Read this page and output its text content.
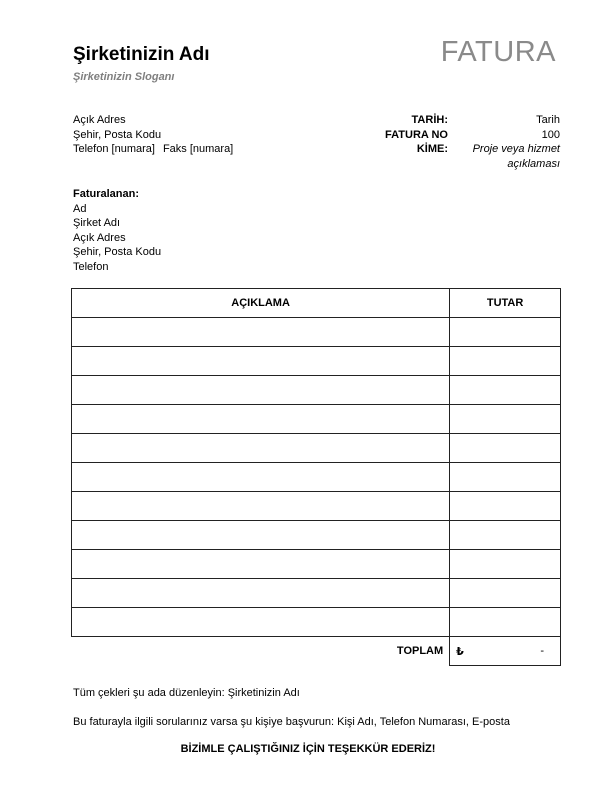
Şirketinizin Adı
Şirketinizin Sloganı
FATURA
Açık Adres
Şehir, Posta Kodu
Telefon [numara] Faks [numara]
TARİH:	Tarih
FATURA NO	100
KİME:	Proje veya hizmet
açıklaması
Faturalanan:
Ad
Şirket Adı
Açık Adres
Şehir, Posta Kodu
Telefon
AÇIKLAMA	TUTAR

TOPLAM	₺ -
Tüm çekleri şu ada düzenleyin: Şirketinizin Adı
Bu faturayla ilgili sorularınız varsa şu kişiye başvurun: Kişi Adı, Telefon Numarası, E-posta
BİZİMLE ÇALIŞTIĞINIZ İÇİN TEŞEKKÜR EDERİZ!
